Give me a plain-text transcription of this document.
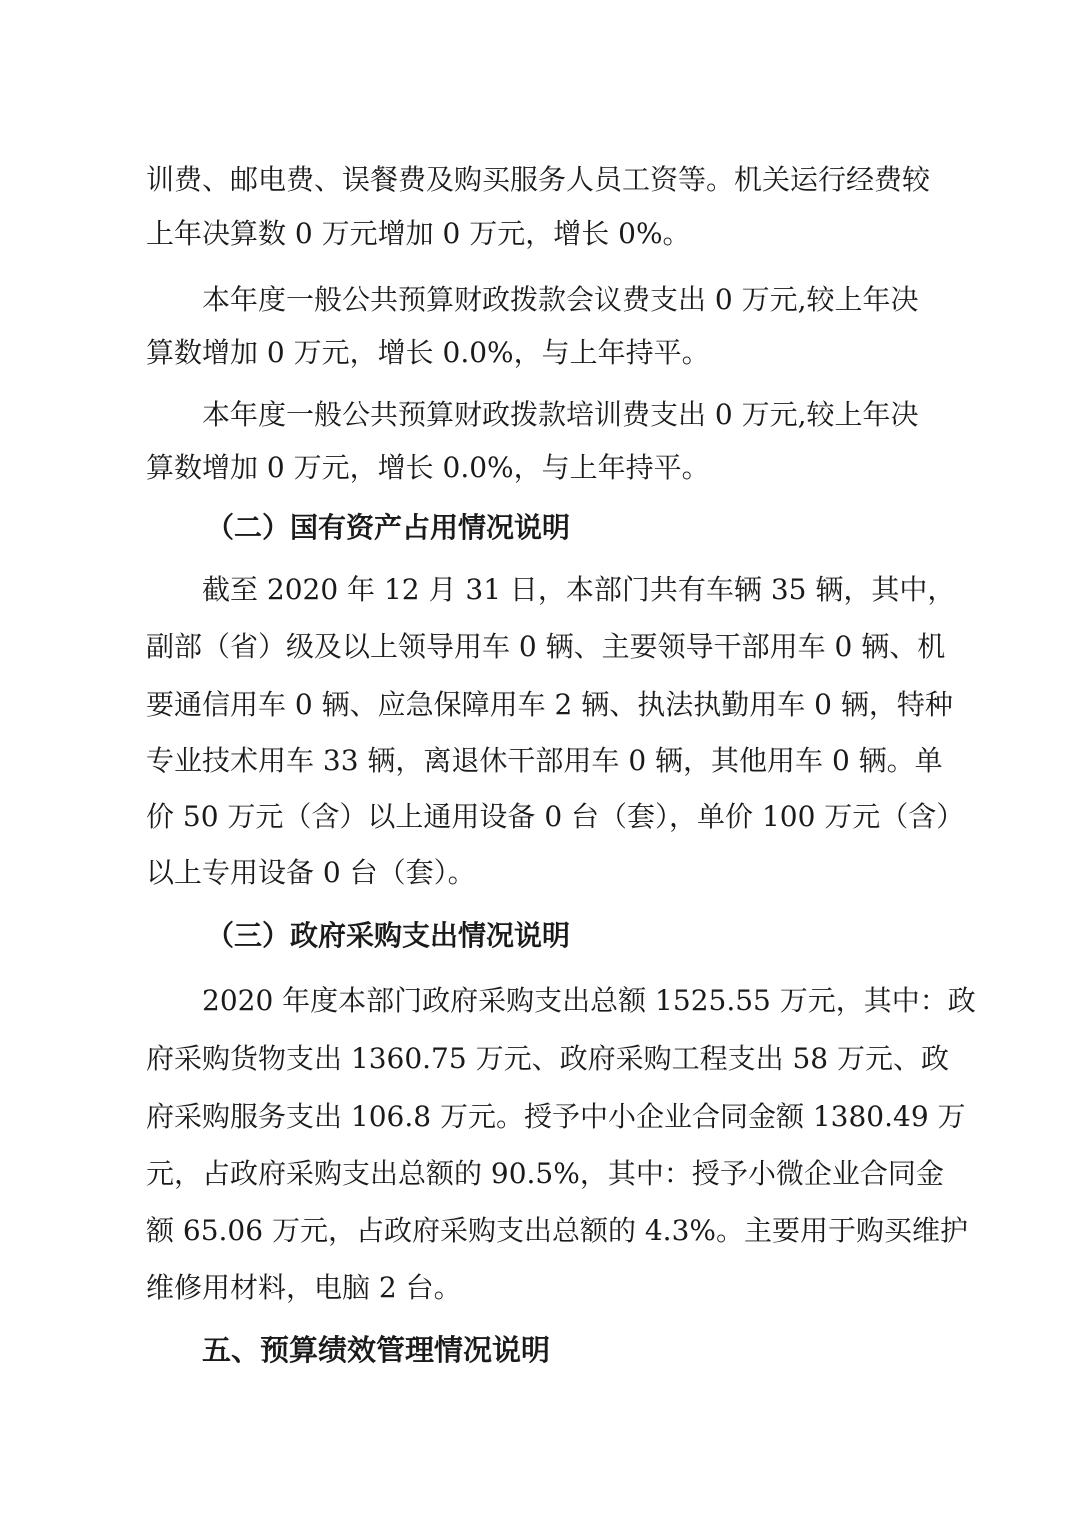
训费、邮电费、误餐费及购买服务人员工资等。机关运行经费较
上年决算数 0 万元增加 0 万元，增长 0%。
本年度一般公共预算财政拨款会议费支出 0 万元,较上年决
算数增加 0 万元，增长 0.0%，与上年持平。
本年度一般公共预算财政拨款培训费支出 0 万元,较上年决
算数增加 0 万元，增长 0.0%，与上年持平。
（二）国有资产占用情况说明
截至 2020 年 12 月 31 日，本部门共有车辆 35 辆，其中，
副部（省）级及以上领导用车 0 辆、主要领导干部用车 0 辆、机
要通信用车 0 辆、应急保障用车 2 辆、执法执勤用车 0 辆，特种
专业技术用车 33 辆，离退休干部用车 0 辆，其他用车 0 辆。单
价 50 万元（含）以上通用设备 0 台（套），单价 100 万元（含）
以上专用设备 0 台（套）。
（三）政府采购支出情况说明
2020 年度本部门政府采购支出总额 1525.55 万元，其中：政
府采购货物支出 1360.75 万元、政府采购工程支出 58 万元、政
府采购服务支出 106.8 万元。授予中小企业合同金额 1380.49 万
元，占政府采购支出总额的 90.5%，其中：授予小微企业合同金
额 65.06 万元，占政府采购支出总额的 4.3%。主要用于购买维护
维修用材料，电脑 2 台。
五、预算绩效管理情况说明
